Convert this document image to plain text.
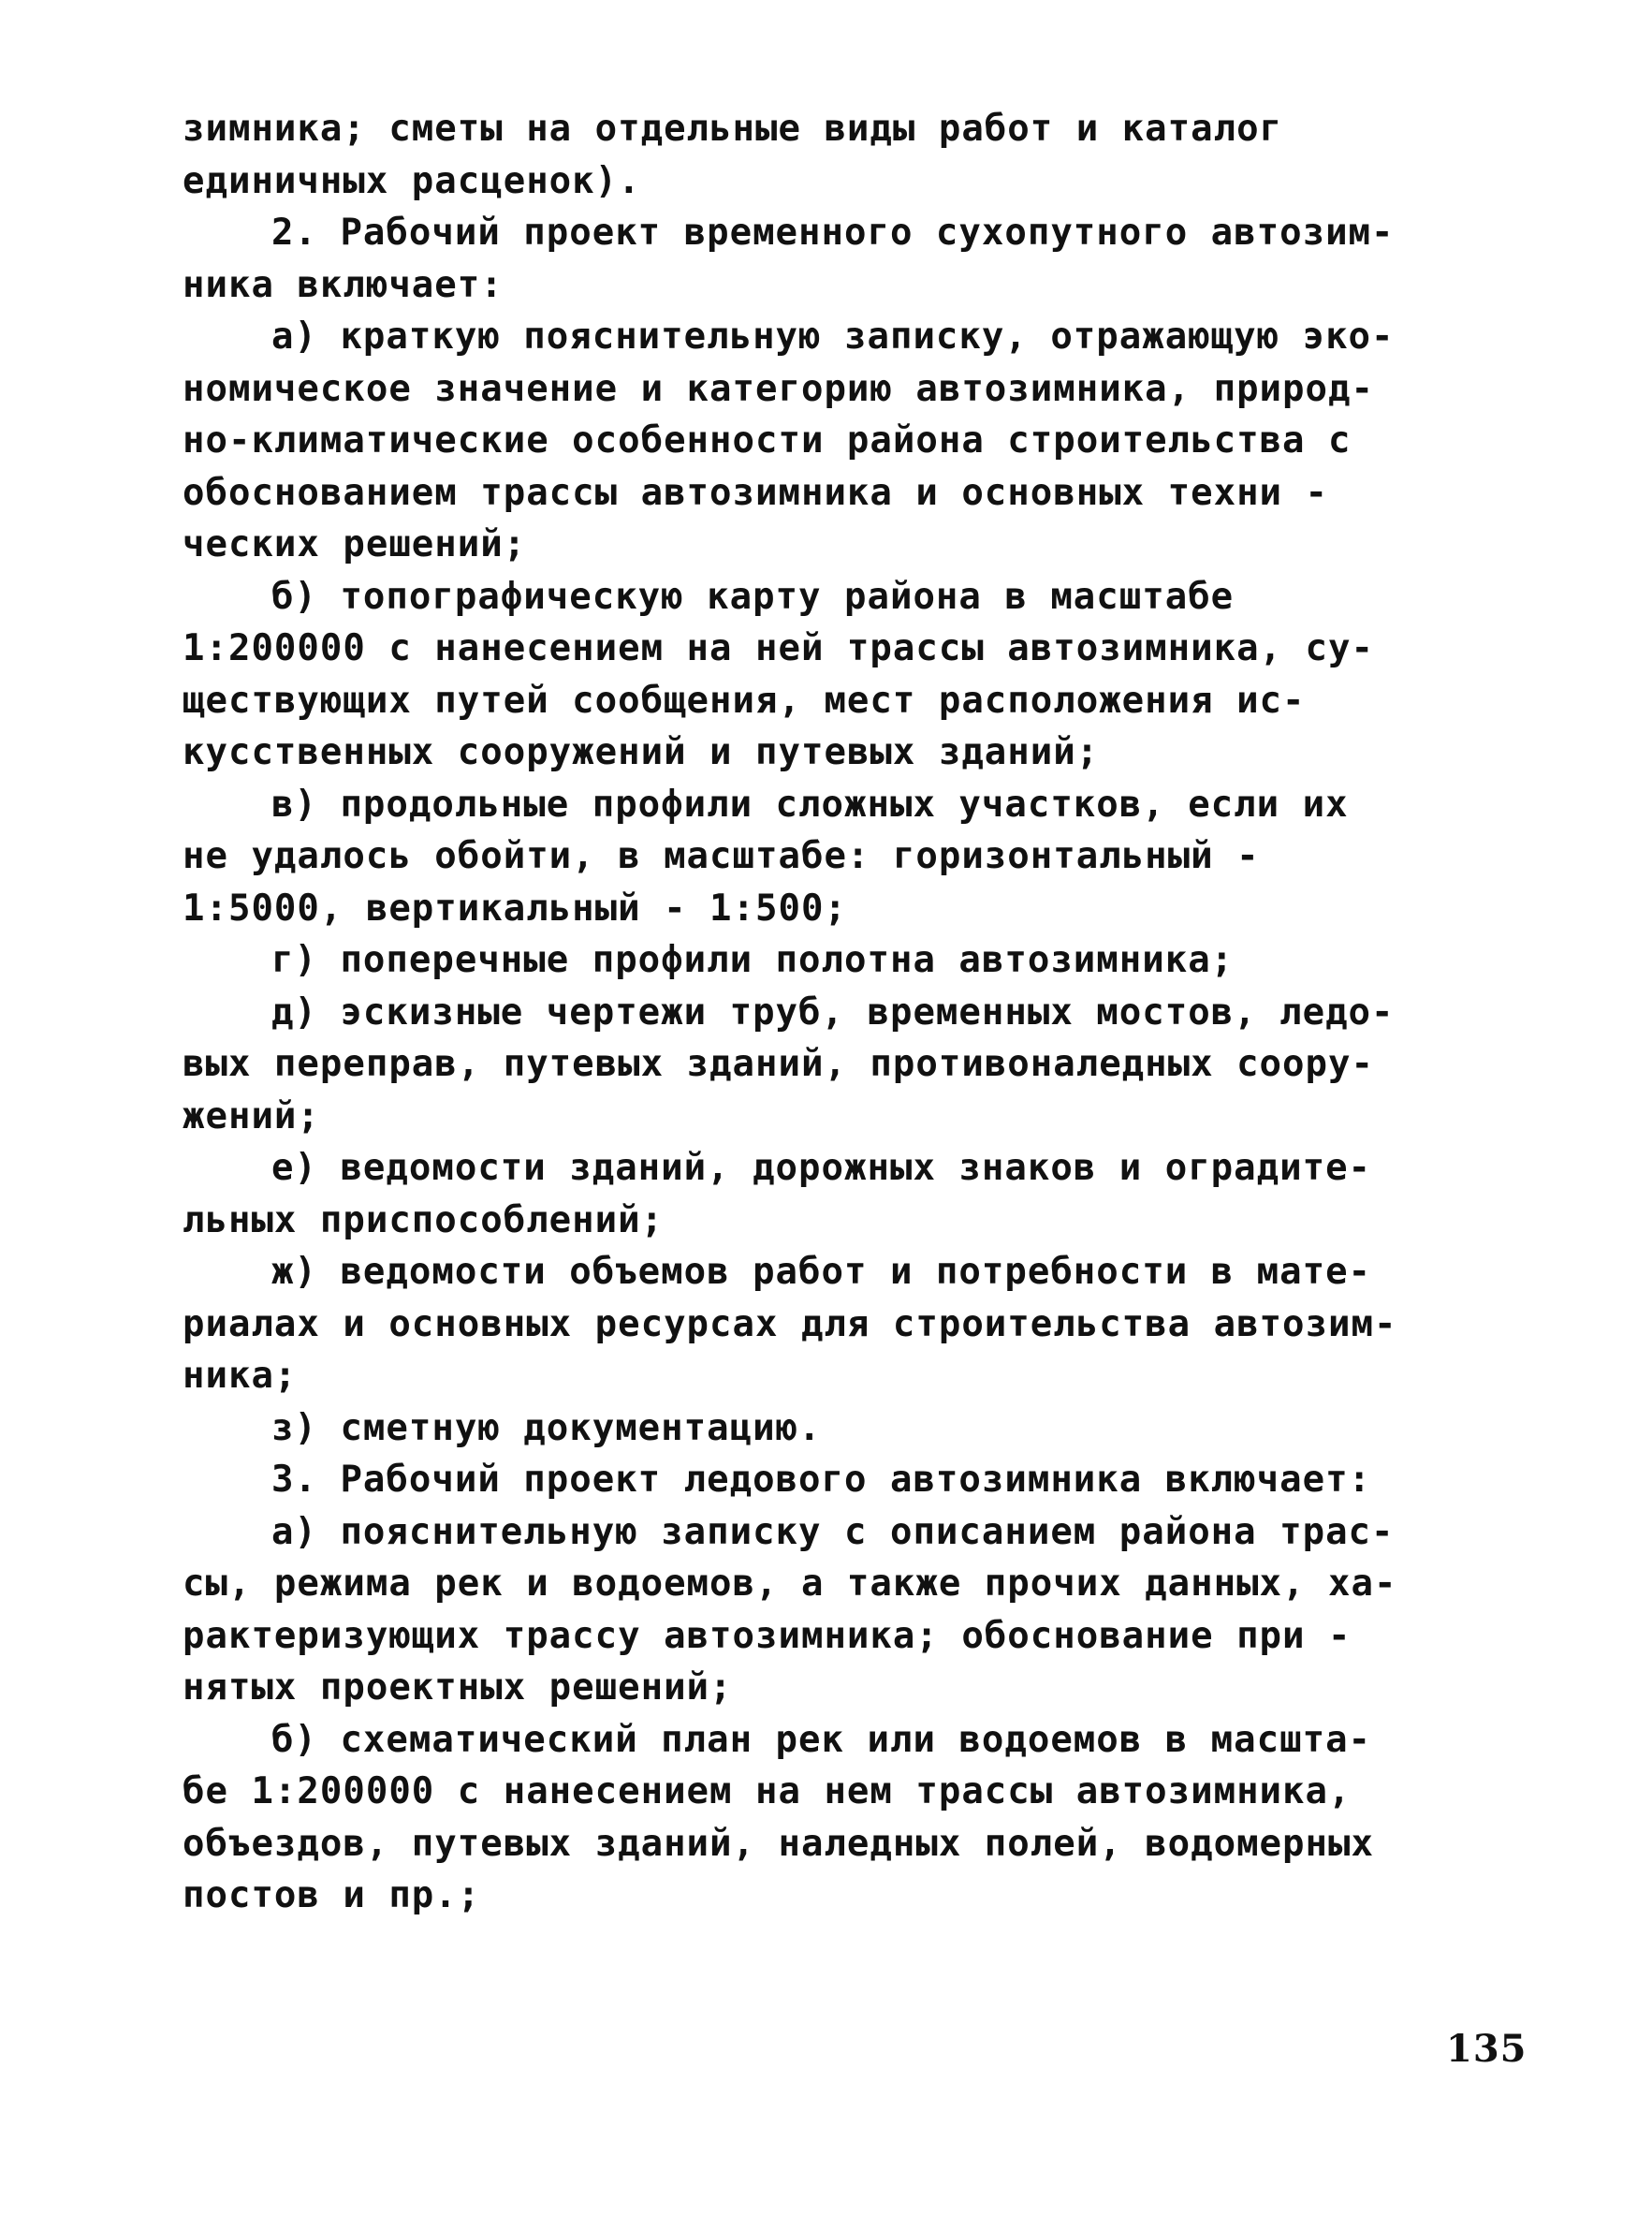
зимника; сметы на отдельные виды работ и каталог
единичных расценок).
2. Рабочий проект временного сухопутного автозим-
ника включает:
а) краткую пояснительную записку, отражающую эко-
номическое значение и категорию автозимника, природ-
но-климатические особенности района строительства с
обоснованием трассы автозимника и основных техни -
ческих решений;
б) топографическую карту района в масштабе
1:200000 с нанесением на ней трассы автозимника, су-
ществующих путей сообщения, мест расположения ис-
кусственных сооружений и путевых зданий;
в) продольные профили сложных участков, если их
не удалось обойти, в масштабе: горизонтальный -
1:5000, вертикальный - 1:500;
г) поперечные профили полотна автозимника;
д) эскизные чертежи труб, временных мостов, ледо-
вых переправ, путевых зданий, противоналедных соору-
жений;
е) ведомости зданий, дорожных знаков и оградите-
льных приспособлений;
ж) ведомости объемов работ и потребности в мате-
риалах и основных ресурсах для строительства автозим-
ника;
з) сметную документацию.
3. Рабочий проект ледового автозимника включает:
а) пояснительную записку с описанием района трас-
сы, режима рек и водоемов, а также прочих данных, ха-
рактеризующих трассу автозимника; обоснование при -
нятых проектных решений;
б) схематический план рек или водоемов в масшта-
бе 1:200000 с нанесением на нем трассы автозимника,
объездов, путевых зданий, наледных полей, водомерных
постов и пр.;
135
